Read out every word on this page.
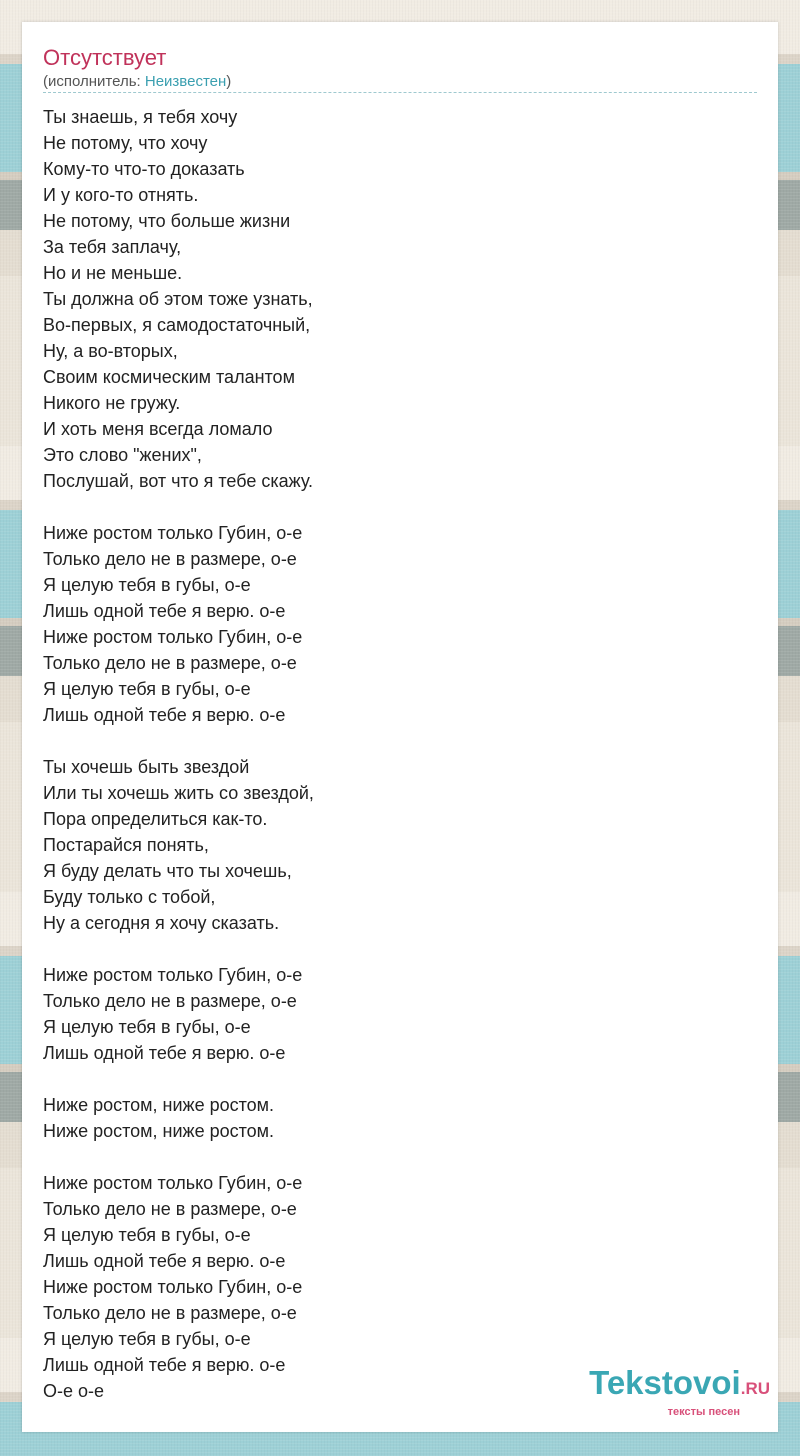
Отсутствует
(исполнитель: Неизвестен)
Ты знаешь, я тебя хочу
Не потому, что хочу
Кому-то что-то доказать
И у кого-то отнять.
Не потому, что больше жизни
За тебя заплачу,
Но и не меньше.
Ты должна об этом тоже узнать,
Во-первых, я самодостаточный,
Ну, а во-вторых,
Своим космическим талантом
Никого не гружу.
И хоть меня всегда ломало
Это слово "жених",
Послушай, вот что я тебе скажу.

Ниже ростом только Губин, о-е
Только дело не в размере, о-е
Я целую тебя в губы, о-е
Лишь одной тебе я верю. о-е
Ниже ростом только Губин, о-е
Только дело не в размере, о-е
Я целую тебя в губы, о-е
Лишь одной тебе я верю. о-е

Ты хочешь быть звездой
Или ты хочешь жить со звездой,
Пора определиться как-то.
Постарайся понять,
Я буду делать что ты хочешь,
Буду только с тобой,
Ну а сегодня я хочу сказать.

Ниже ростом только Губин, о-е
Только дело не в размере, о-е
Я целую тебя в губы, о-е
Лишь одной тебе я верю. о-е

Ниже ростом, ниже ростом.
Ниже ростом, ниже ростом.

Ниже ростом только Губин, о-е
Только дело не в размере, о-е
Я целую тебя в губы, о-е
Лишь одной тебе я верю. о-е
Ниже ростом только Губин, о-е
Только дело не в размере, о-е
Я целую тебя в губы, о-е
Лишь одной тебе я верю. о-е
О-е о-е	Tekstovoi.RU
тексты песен
